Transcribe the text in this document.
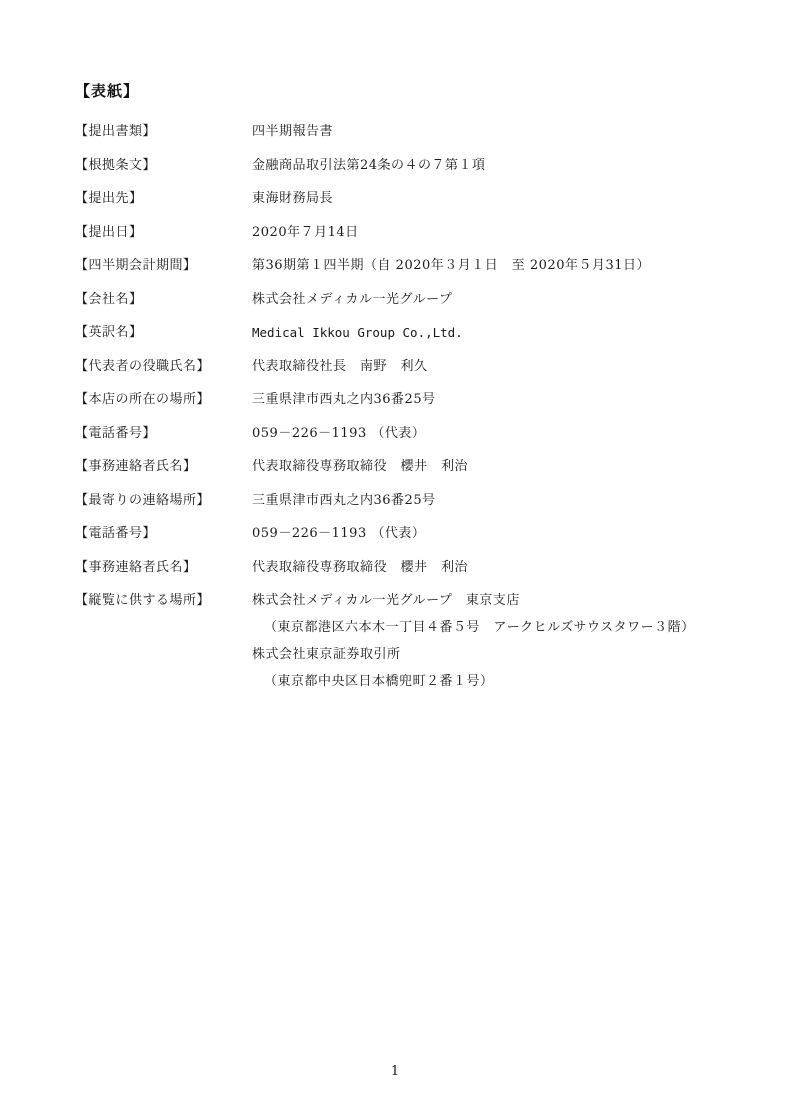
【表紙】
【提出書類】	四半期報告書
【根拠条文】	金融商品取引法第24条の４の７第１項
【提出先】	東海財務局長
【提出日】	2020年７月14日
【四半期会計期間】	第36期第１四半期（自 2020年３月１日　至 2020年５月31日）
【会社名】	株式会社メディカル一光グループ
【英訳名】	Medical Ikkou Group Co.,Ltd.
【代表者の役職氏名】	代表取締役社長　南野　利久
【本店の所在の場所】	三重県津市西丸之内36番25号
【電話番号】	059－226－1193 （代表）
【事務連絡者氏名】	代表取締役専務取締役　櫻井　利治
【最寄りの連絡場所】	三重県津市西丸之内36番25号
【電話番号】	059－226－1193 （代表）
【事務連絡者氏名】	代表取締役専務取締役　櫻井　利治
【縦覧に供する場所】	株式会社メディカル一光グループ　東京支店
（東京都港区六本木一丁目４番５号　アークヒルズサウスタワー３階）
株式会社東京証券取引所
（東京都中央区日本橋兜町２番１号）
1
